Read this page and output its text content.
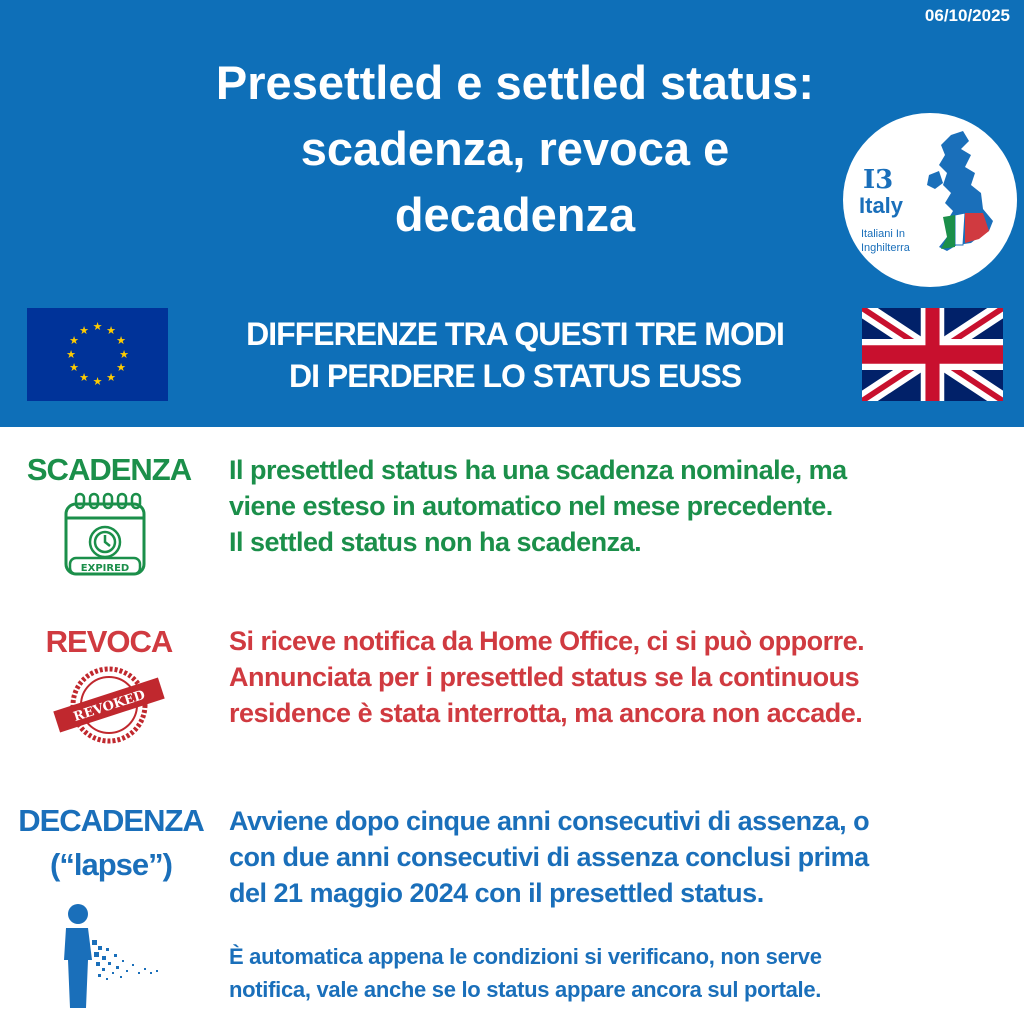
06/10/2025
Presettled e settled status:
scadenza, revoca e
decadenza
I3
Italy
Italiani In
Inghilterra
★ ★
★
★
★
★
★
★
★
★
★
★	DIFFERENZE TRA QUESTI TRE MODI
DI PERDERE LO STATUS EUSS
SCADENZA
EXPIRED
Il presettled status ha una scadenza nominale, ma
viene esteso in automatico nel mese precedente.
Il settled status non ha scadenza.
REVOCA
REVOKED
Si riceve notifica da Home Office, ci si può opporre.
Annunciata per i presettled status se la continuous
residence è stata interrotta, ma ancora non accade.
DECADENZA
(“lapse”)
Avviene dopo cinque anni consecutivi di assenza, o
con due anni consecutivi di assenza conclusi prima
del 21 maggio 2024 con il presettled status.
È automatica appena le condizioni si verificano, non serve
notifica, vale anche se lo status appare ancora sul portale.
